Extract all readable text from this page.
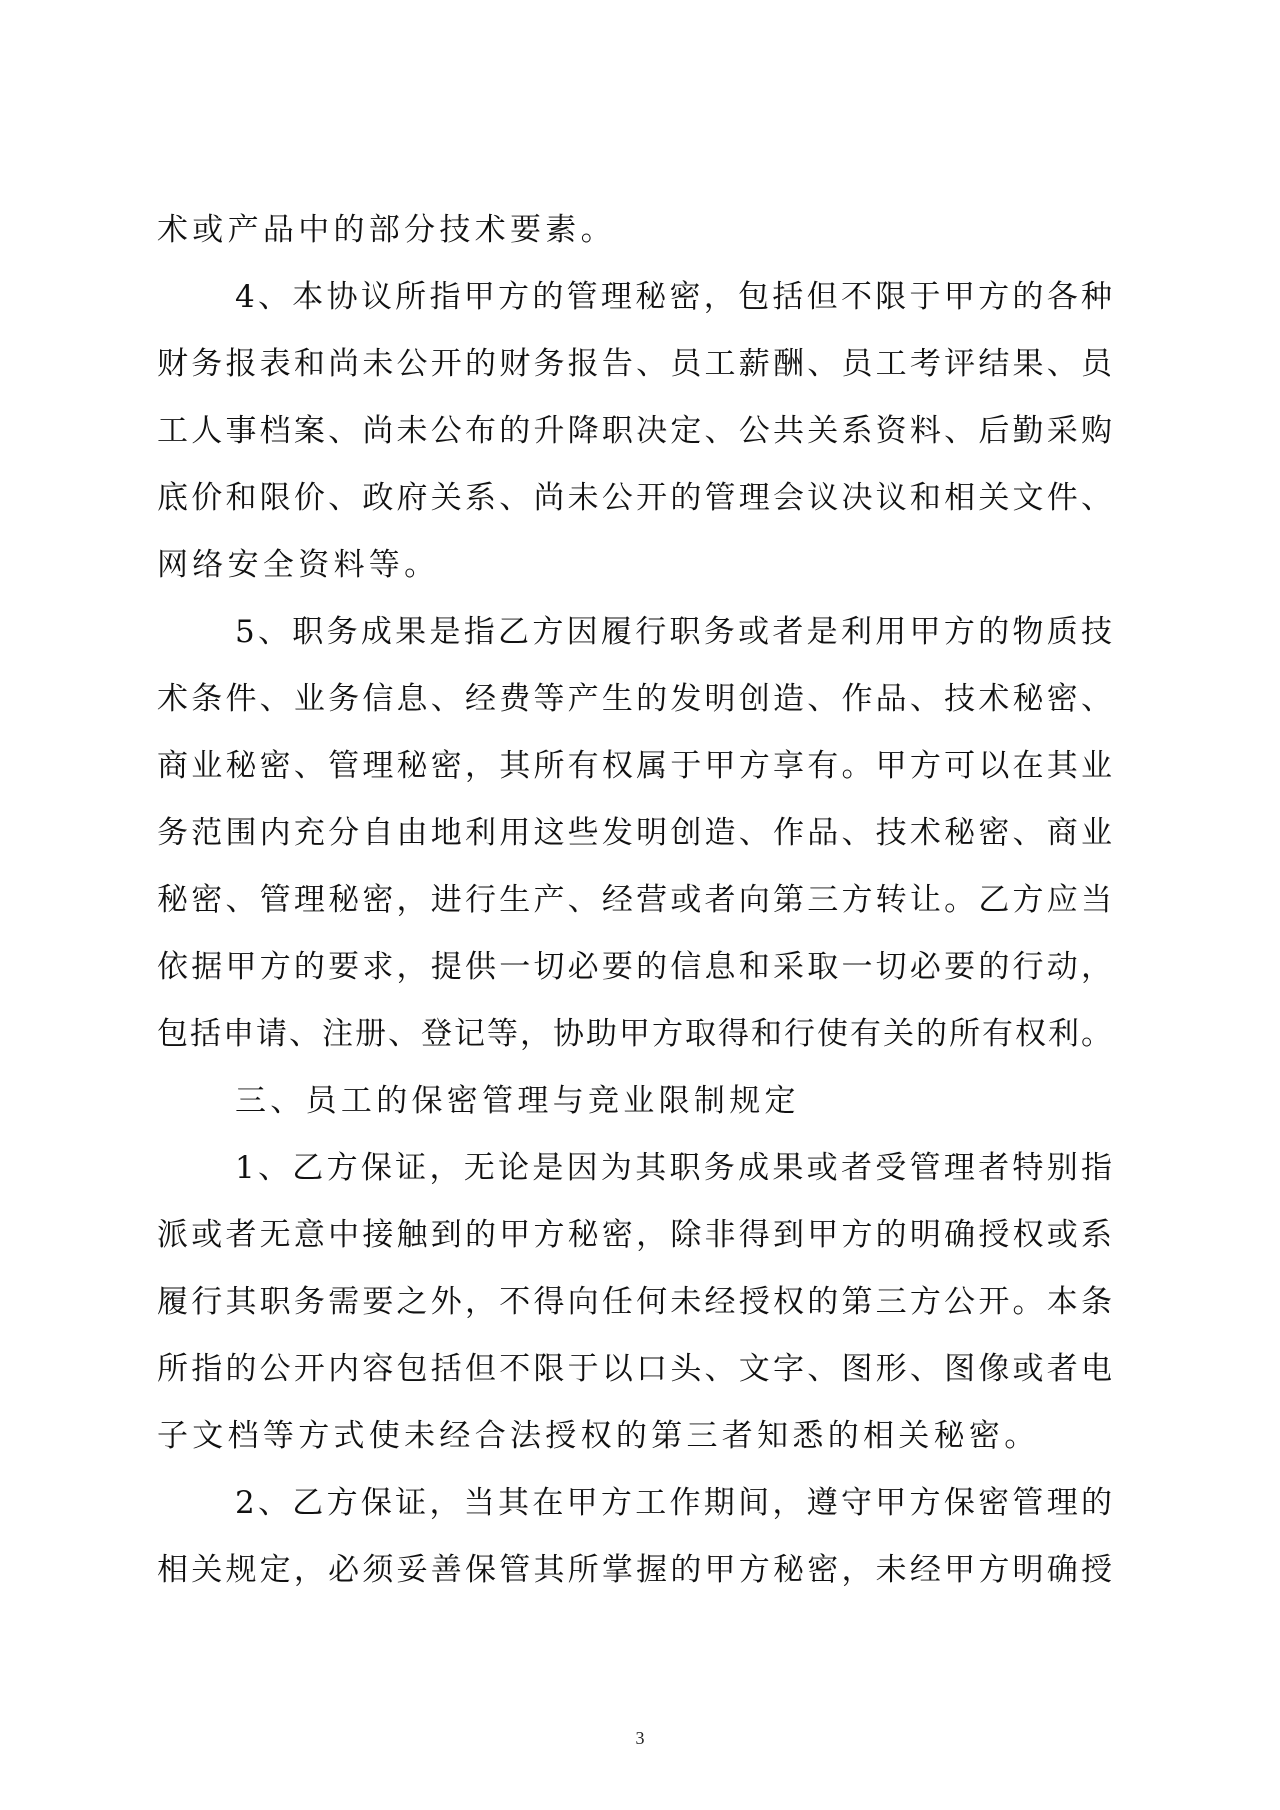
术或产品中的部分技术要素。
4、本协议所指甲方的管理秘密，包括但不限于甲方的各种
财务报表和尚未公开的财务报告、员工薪酬、员工考评结果、员
工人事档案、尚未公布的升降职决定、公共关系资料、后勤采购
底价和限价、政府关系、尚未公开的管理会议决议和相关文件、
网络安全资料等。
5、职务成果是指乙方因履行职务或者是利用甲方的物质技
术条件、业务信息、经费等产生的发明创造、作品、技术秘密、
商业秘密、管理秘密，其所有权属于甲方享有。甲方可以在其业
务范围内充分自由地利用这些发明创造、作品、技术秘密、商业
秘密、管理秘密，进行生产、经营或者向第三方转让。乙方应当
依据甲方的要求，提供一切必要的信息和采取一切必要的行动，
包括申请、注册、登记等，协助甲方取得和行使有关的所有权利。
三、员工的保密管理与竞业限制规定
1、乙方保证，无论是因为其职务成果或者受管理者特别指
派或者无意中接触到的甲方秘密，除非得到甲方的明确授权或系
履行其职务需要之外，不得向任何未经授权的第三方公开。本条
所指的公开内容包括但不限于以口头、文字、图形、图像或者电
子文档等方式使未经合法授权的第三者知悉的相关秘密。
2、乙方保证，当其在甲方工作期间，遵守甲方保密管理的
相关规定，必须妥善保管其所掌握的甲方秘密，未经甲方明确授
3
